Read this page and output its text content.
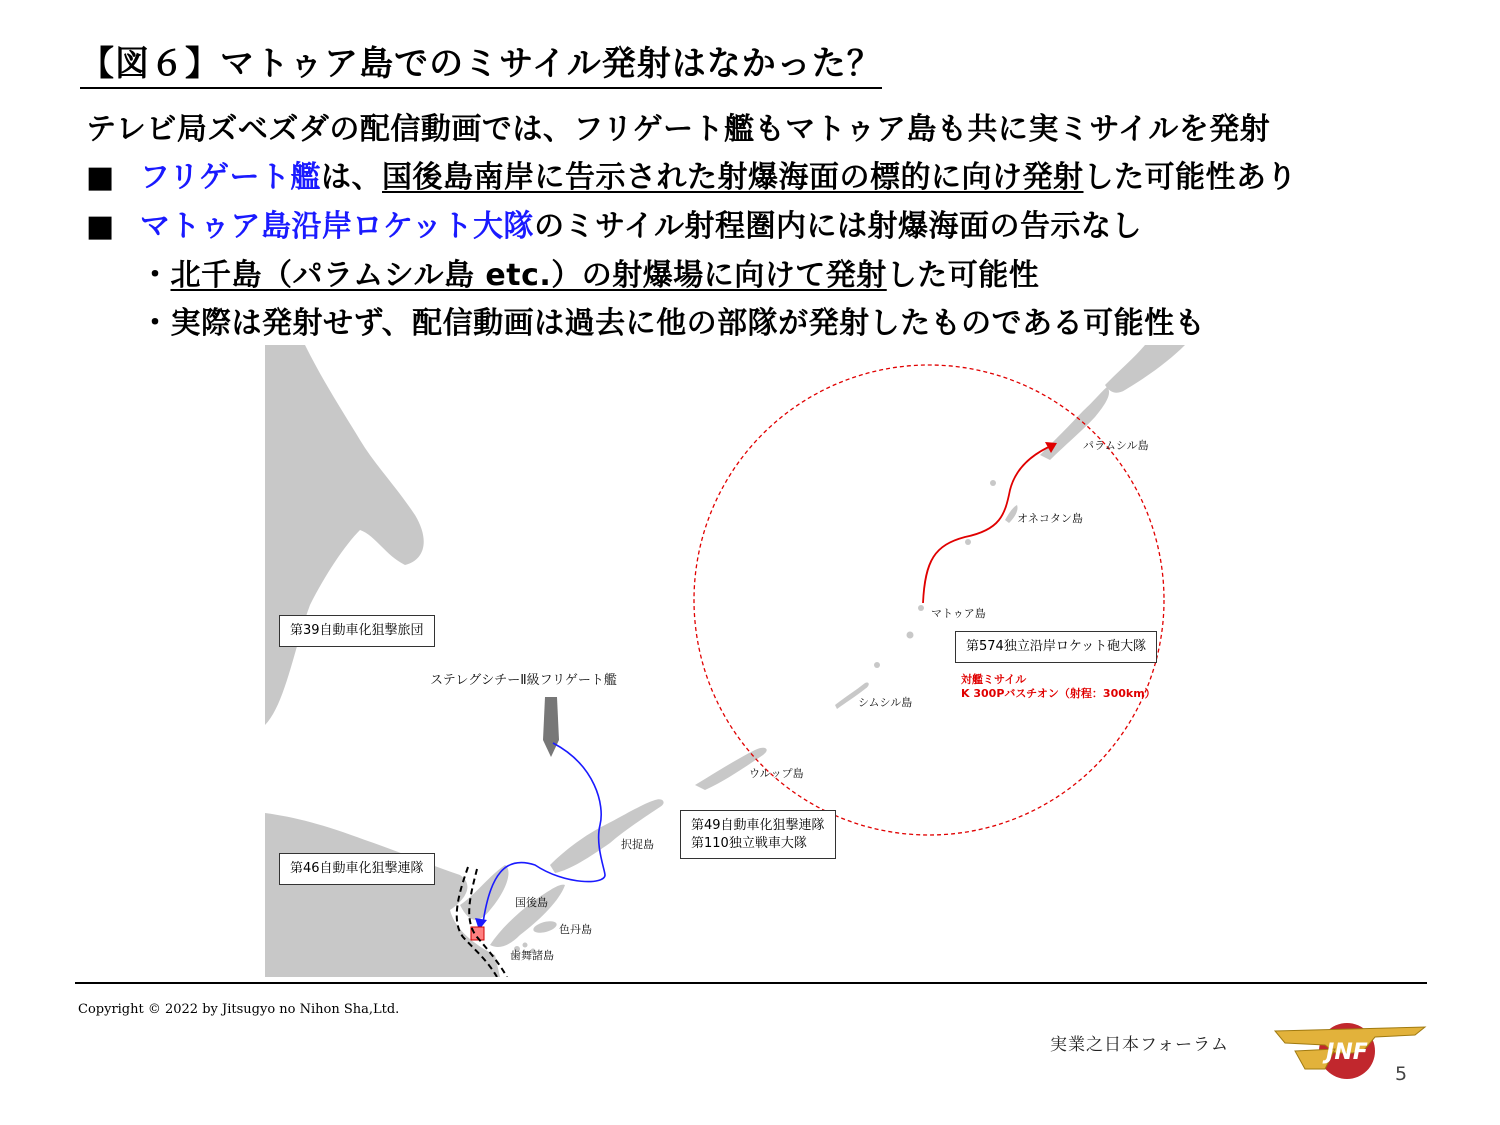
【図６】マトゥア島でのミサイル発射はなかった？
テレビ局ズベズダの配信動画では、フリゲート艦もマトゥア島も共に実ミサイルを発射
■ フリゲート艦は、国後島南岸に告示された射爆海面の標的に向け発射した可能性あり
■ マトゥア島沿岸ロケット大隊のミサイル射程圏内には射爆海面の告示なし
・北千島（パラムシル島 etc.）の射爆場に向けて発射した可能性
・実際は発射せず、配信動画は過去に他の部隊が発射したものである可能性も
パラムシル島
オネコタン島
マトゥア島
シムシル島
ウルップ島
択捉島
国後島
色丹島
歯舞諸島
ステレグシチーⅡ級フリゲート艦
第39自動車化狙撃旅団
第574独立沿岸ロケット砲大隊
第49自動車化狙撃連隊
第110独立戦車大隊
第46自動車化狙撃連隊
対艦ミサイル
K 300Pバスチオン（射程：300km）
Copyright © 2022 by Jitsugyo no Nihon Sha,Ltd.
実業之日本フォーラム	JNF
5
